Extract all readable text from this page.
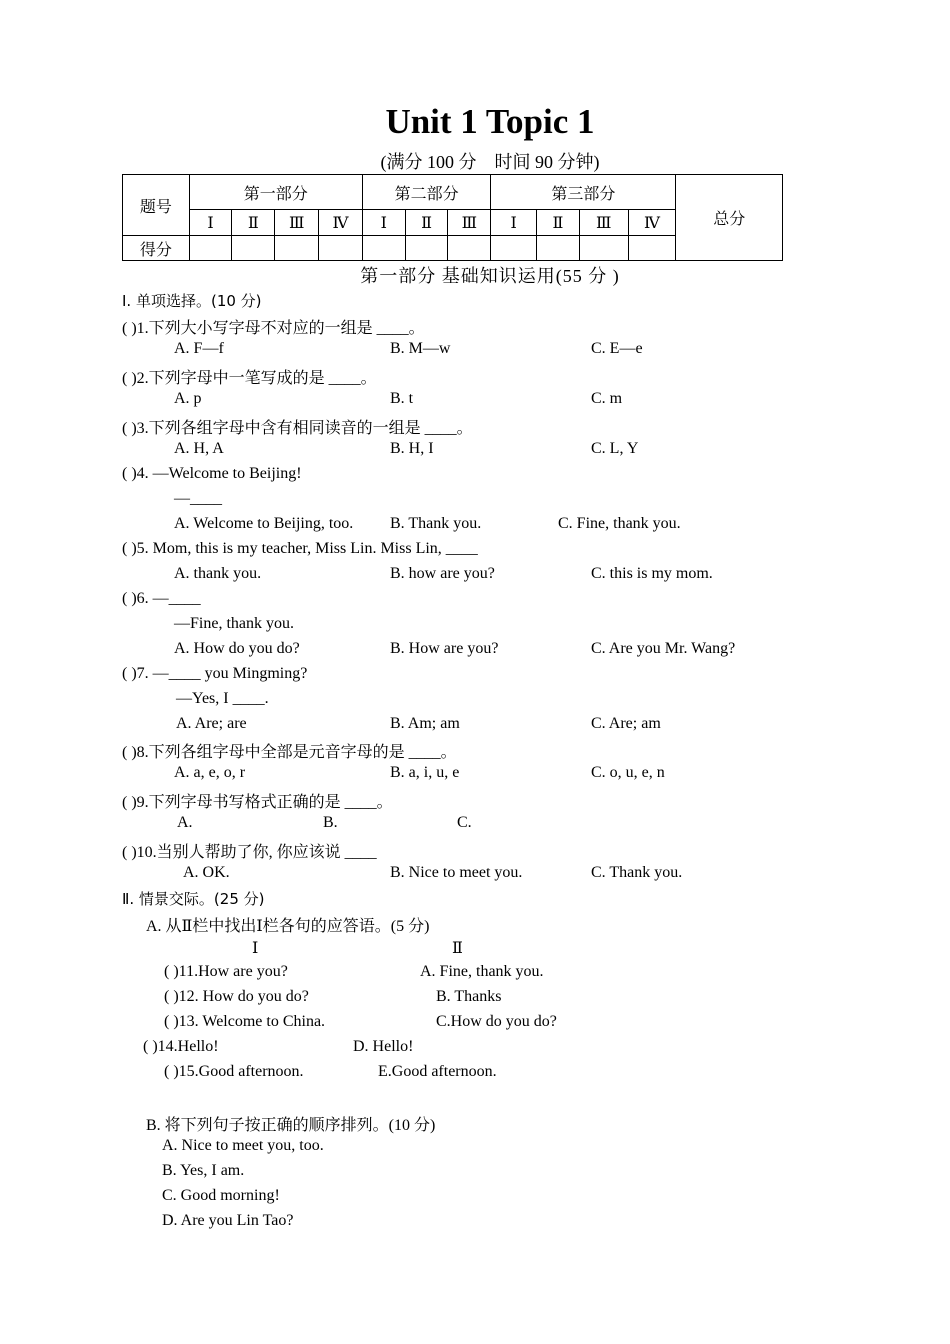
Unit 1 Topic 1
(满分 100 分　时间 90 分钟)
题号	第一部分				第二部分			第三部分				总分
	Ⅰ	Ⅱ	Ⅲ	Ⅳ	Ⅰ	Ⅱ	Ⅲ	Ⅰ	Ⅱ	Ⅲ	Ⅳ	
得分												
第一部分 基础知识运用(55 分 )
Ⅰ. 单项选择。(10 分)
( )1.下列大小写字母不对应的一组是 ____。
A. F—f	B. M—w	C. E—e
( )2.下列字母中一笔写成的是 ____。
A. p	B. t	C. m
( )3.下列各组字母中含有相同读音的一组是 ____。
A. H, A	B. H, I	C. L, Y
( )4. —Welcome to Beijing!
—____
A. Welcome to Beijing, too. B. Thank you.	C. Fine, thank you.
( )5. Mom, this is my teacher, Miss Lin. Miss Lin, ____
A. thank you.	B. how are you?	C. this is my mom.
( )6. —____
—Fine, thank you.
A. How do you do?	B. How are you?	C. Are you Mr. Wang?
( )7. —____ you Mingming?
—Yes, I ____.
A. Are; are	B. Am; am	C. Are; am
( )8.下列各组字母中全部是元音字母的是 ____。
A. a, e, o, r	B. a, i, u, e	C. o, u, e, n
( )9.下列字母书写格式正确的是 ____。
A.	B.	C.
( )10.当别人帮助了你, 你应该说 ____
A. OK.	B. Nice to meet you.	C. Thank you.
Ⅱ. 情景交际。(25 分)
A. 从Ⅱ栏中找出Ⅰ栏各句的应答语。(5 分)
Ⅰ	Ⅱ
( )11.How are you?	A. Fine, thank you.
( )12. How do you do?	B. Thanks
( )13. Welcome to China.	C.How do you do?
( )14.Hello!	D. Hello!
( )15.Good afternoon.	E.Good afternoon.
B. 将下列句子按正确的顺序排列。(10 分)
A. Nice to meet you, too.
B. Yes, I am.
C. Good morning!
D. Are you Lin Tao?
